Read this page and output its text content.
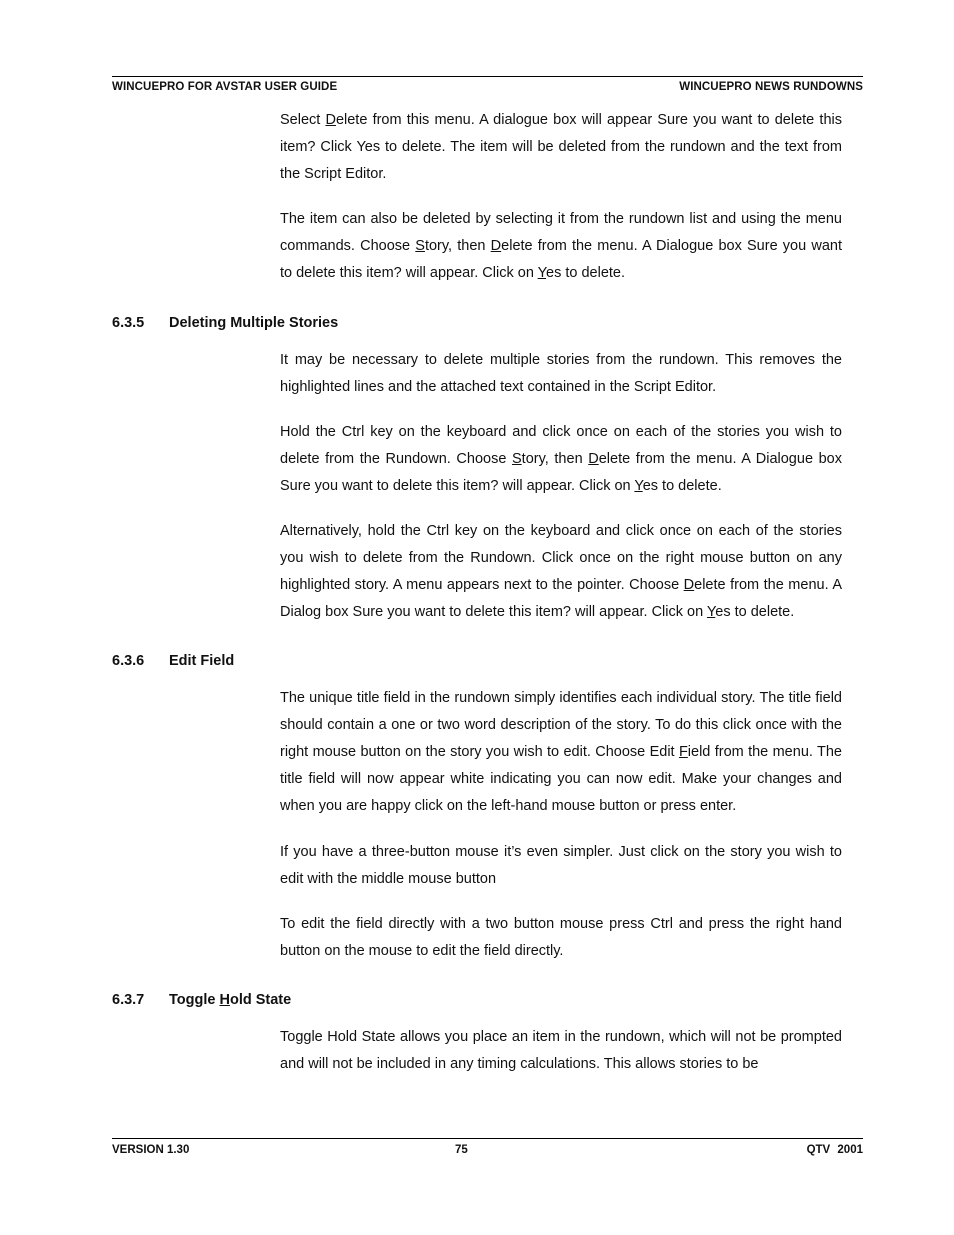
WINCUEPRO FOR AVSTAR USER GUIDE	WINCUEPRO NEWS RUNDOWNS

Select Delete from this menu. A dialogue box will appear Sure you want to delete this item? Click Yes to delete. The item will be deleted from the rundown and the text from the Script Editor.

The item can also be deleted by selecting it from the rundown list and using the menu commands. Choose Story, then Delete from the menu. A Dialogue box Sure you want to delete this item? will appear. Click on Yes to delete.

6.3.5 Deleting Multiple Stories

It may be necessary to delete multiple stories from the rundown. This removes the highlighted lines and the attached text contained in the Script Editor.

Hold the Ctrl key on the keyboard and click once on each of the stories you wish to delete from the Rundown. Choose Story, then Delete from the menu. A Dialogue box Sure you want to delete this item? will appear. Click on Yes to delete.

Alternatively, hold the Ctrl key on the keyboard and click once on each of the stories you wish to delete from the Rundown. Click once on the right mouse button on any highlighted story. A menu appears next to the pointer. Choose Delete from the menu. A Dialog box Sure you want to delete this item? will appear. Click on Yes to delete.

6.3.6 Edit Field

The unique title field in the rundown simply identifies each individual story. The title field should contain a one or two word description of the story. To do this click once with the right mouse button on the story you wish to edit. Choose Edit Field from the menu. The title field will now appear white indicating you can now edit. Make your changes and when you are happy click on the left-hand mouse button or press enter.

If you have a three-button mouse it’s even simpler. Just click on the story you wish to edit with the middle mouse button

To edit the field directly with a two button mouse press Ctrl and press the right hand button on the mouse to edit the field directly.

6.3.7 Toggle Hold State

Toggle Hold State allows you place an item in the rundown, which will not be prompted and will not be included in any timing calculations. This allows stories to be

VERSION 1.30	75	QTV 2001
